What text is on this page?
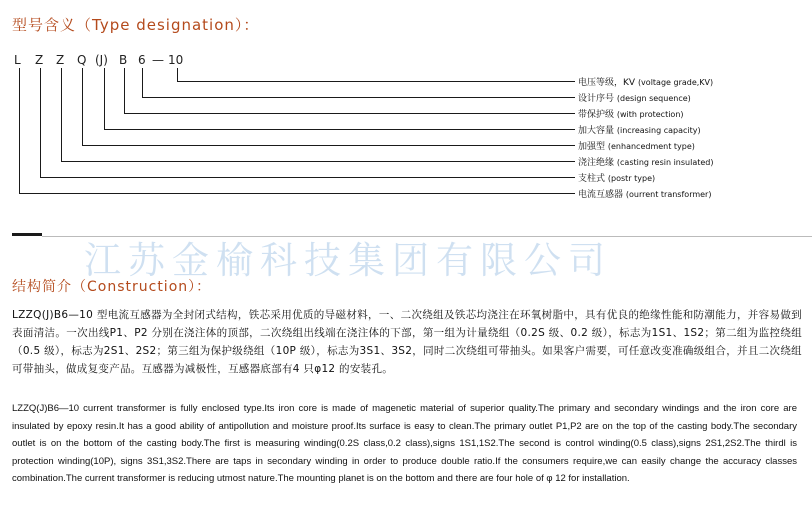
型号含义（Type designation）：
L Z Z Q (J) B 6 — 10
电压等级，KV (voltage grade,KV)
设计序号 (design sequence)
带保护级 (with protection)
加大容量 (increasing capacity)
加强型 (enhancedment type)
浇注绝缘 (casting resin insulated)
支柱式 (postr type)
电流互感器 (ourrent transformer)
江苏金榆科技集团有限公司
结构简介（Construction）：
LZZQ(J)B6—10 型电流互感器为全封闭式结构，铁芯采用优质的导磁材料，一、二次绕组及铁芯均浇注在环氧树脂中，具有优良的绝缘性能和防潮能力，并容易做到表面清洁。一次出线P1、P2 分别在浇注体的顶部，二次绕组出线端在浇注体的下部，第一组为计量绕组（0.2S 级、0.2 级），标志为1S1、1S2；第二组为监控绕组（0.5 级），标志为2S1、2S2；第三组为保护级绕组（10P 级），标志为3S1、3S2，同时二次绕组可带抽头。如果客户需要，可任意改变准确级组合，并且二次绕组可带抽头，做成复变产品。互感器为减极性，互感器底部有4 只φ12 的安装孔。
LZZQ(J)B6—10 current transformer is fully enclosed type.Its iron core is made of magenetic material of superior quality.The primary and secondary windings and the iron core are insulated by epoxy resin.It has a good ability of antipollution and moisture proof.Its surface is easy to clean.The primary outlet P1,P2 are on the top of the casting body.The secondary outlet is on the bottom of the casting body.The first is measuring winding(0.2S class,0.2 class),signs 1S1,1S2.The second is control winding(0.5 class),signs 2S1,2S2.The thirdl is protection winding(10P), signs 3S1,3S2.There are taps in secondary winding in order to produce double ratio.If the consumers require,we can easily change the accuracy classes combination.The current transformer is reducing utmost nature.The mounting planet is on the bottom and there are four hole of φ 12 for installation.
